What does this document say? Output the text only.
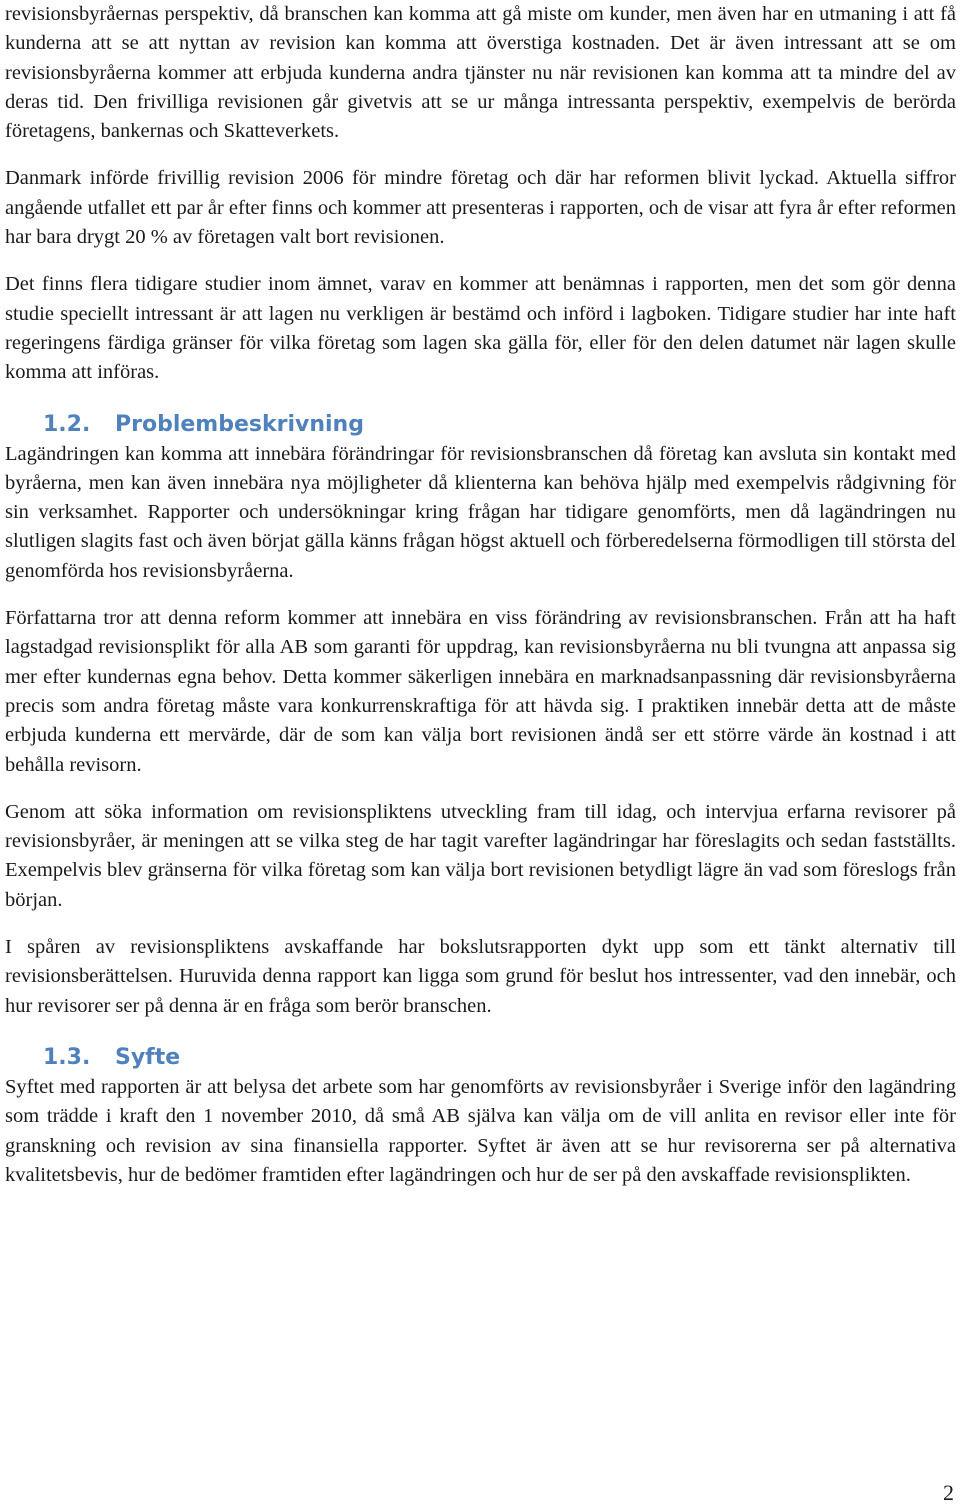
revisionsbyråernas perspektiv, då branschen kan komma att gå miste om kunder, men även har en utmaning i att få kunderna att se att nyttan av revision kan komma att överstiga kostnaden. Det är även intressant att se om revisionsbyråerna kommer att erbjuda kunderna andra tjänster nu när revisionen kan komma att ta mindre del av deras tid. Den frivilliga revisionen går givetvis att se ur många intressanta perspektiv, exempelvis de berörda företagens, bankernas och Skatteverkets.

Danmark införde frivillig revision 2006 för mindre företag och där har reformen blivit lyckad. Aktuella siffror angående utfallet ett par år efter finns och kommer att presenteras i rapporten, och de visar att fyra år efter reformen har bara drygt 20 % av företagen valt bort revisionen.

Det finns flera tidigare studier inom ämnet, varav en kommer att benämnas i rapporten, men det som gör denna studie speciellt intressant är att lagen nu verkligen är bestämd och införd i lagboken. Tidigare studier har inte haft regeringens färdiga gränser för vilka företag som lagen ska gälla för, eller för den delen datumet när lagen skulle komma att införas.

1.2. Problembeskrivning

Lagändringen kan komma att innebära förändringar för revisionsbranschen då företag kan avsluta sin kontakt med byråerna, men kan även innebära nya möjligheter då klienterna kan behöva hjälp med exempelvis rådgivning för sin verksamhet. Rapporter och undersökningar kring frågan har tidigare genomförts, men då lagändringen nu slutligen slagits fast och även börjat gälla känns frågan högst aktuell och förberedelserna förmodligen till största del genomförda hos revisionsbyråerna.

Författarna tror att denna reform kommer att innebära en viss förändring av revisionsbranschen. Från att ha haft lagstadgad revisionsplikt för alla AB som garanti för uppdrag, kan revisionsbyråerna nu bli tvungna att anpassa sig mer efter kundernas egna behov. Detta kommer säkerligen innebära en marknadsanpassning där revisionsbyråerna precis som andra företag måste vara konkurrenskraftiga för att hävda sig. I praktiken innebär detta att de måste erbjuda kunderna ett mervärde, där de som kan välja bort revisionen ändå ser ett större värde än kostnad i att behålla revisorn.

Genom att söka information om revisionspliktens utveckling fram till idag, och intervjua erfarna revisorer på revisionsbyråer, är meningen att se vilka steg de har tagit varefter lagändringar har föreslagits och sedan fastställts. Exempelvis blev gränserna för vilka företag som kan välja bort revisionen betydligt lägre än vad som föreslogs från början.

I spåren av revisionspliktens avskaffande har bokslutsrapporten dykt upp som ett tänkt alternativ till revisionsberättelsen. Huruvida denna rapport kan ligga som grund för beslut hos intressenter, vad den innebär, och hur revisorer ser på denna är en fråga som berör branschen.

1.3. Syfte

Syftet med rapporten är att belysa det arbete som har genomförts av revisionsbyråer i Sverige inför den lagändring som trädde i kraft den 1 november 2010, då små AB själva kan välja om de vill anlita en revisor eller inte för granskning och revision av sina finansiella rapporter. Syftet är även att se hur revisorerna ser på alternativa kvalitetsbevis, hur de bedömer framtiden efter lagändringen och hur de ser på den avskaffade revisionsplikten.

2
